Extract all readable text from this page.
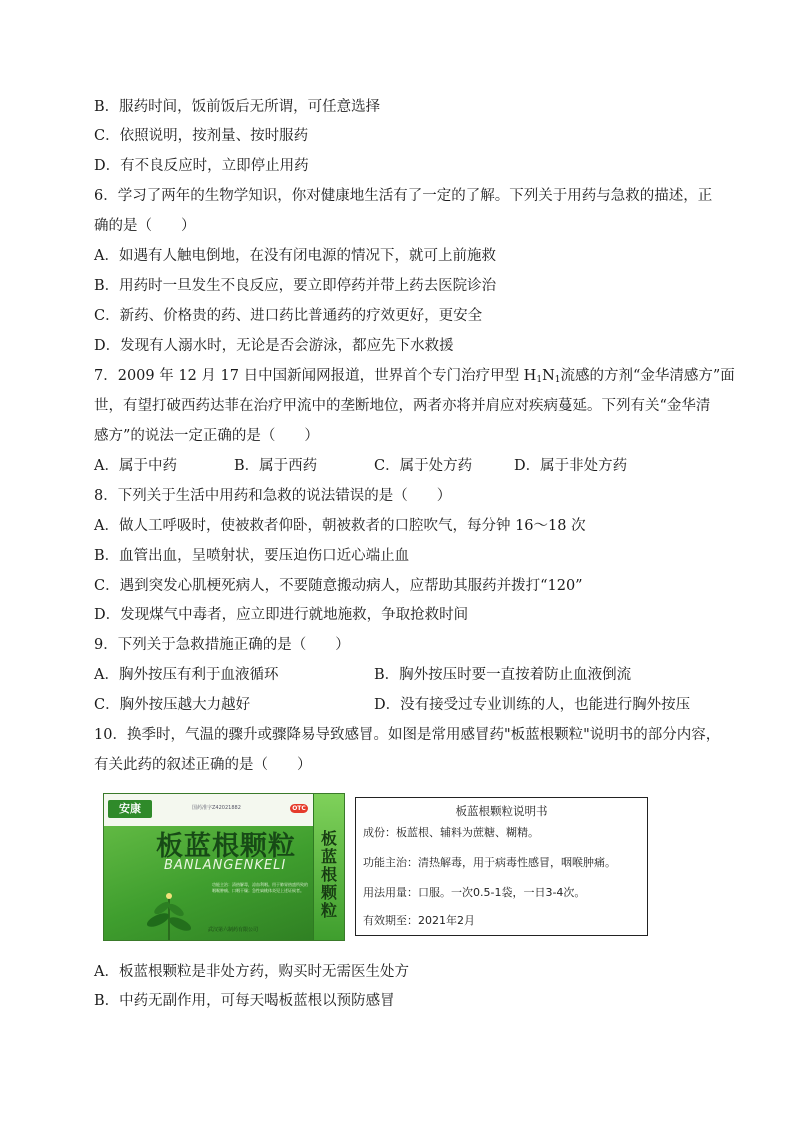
B．服药时间，饭前饭后无所谓，可任意选择
C．依照说明，按剂量、按时服药
D．有不良反应时，立即停止用药
6．学习了两年的生物学知识，你对健康地生活有了一定的了解。下列关于用药与急救的描述，正
确的是（　　）
A．如遇有人触电倒地，在没有闭电源的情况下，就可上前施救
B．用药时一旦发生不良反应，要立即停药并带上药去医院诊治
C．新药、价格贵的药、进口药比普通药的疗效更好，更安全
D．发现有人溺水时，无论是否会游泳，都应先下水救援
7．2009 年 12 月 17 日中国新闻网报道，世界首个专门治疗甲型 $H_1N_1$流感的方剂“金华清感方”面
世，有望打破西药达菲在治疗甲流中的垄断地位，两者亦将并肩应对疾病蔓延。下列有关“金华清
感方”的说法一定正确的是（　　）
A．属于中药	B．属于西药	C．属于处方药	D．属于非处方药
8．下列关于生活中用药和急救的说法错误的是（　　）
A．做人工呼吸时，使被救者仰卧，朝被救者的口腔吹气，每分钟 16～18 次
B．血管出血，呈喷射状，要压迫伤口近心端止血
C．遇到突发心肌梗死病人，不要随意搬动病人，应帮助其服药并拨打“120”
D．发现煤气中毒者，应立即进行就地施救，争取抢救时间
9．下列关于急救措施正确的是（　　）
A．胸外按压有利于血液循环	B．胸外按压时要一直按着防止血液倒流
C．胸外按压越大力越好	D．没有接受过专业训练的人，也能进行胸外按压
10．换季时，气温的骤升或骤降易导致感冒。如图是常用感冒药"板蓝根颗粒"说明书的部分内容，
有关此药的叙述正确的是（　　）
安康	国药准字Z42021882	OTC
板蓝根颗粒
BANLANGENKELI
功能主治：清热解毒，凉血利咽。用于肺胃热盛所致的咽喉肿痛、口咽干燥；急性扁桃体炎见上述证候者。
武汉第六制药有限公司
板蓝根颗粒
板蓝根颗粒说明书
成份：板蓝根、辅料为蔗糖、糊精。
功能主治：清热解毒，用于病毒性感冒，咽喉肿痛。
用法用量：口服。一次0.5-1袋，一日3-4次。
有效期至：2021年2月
A．板蓝根颗粒是非处方药，购买时无需医生处方
B．中药无副作用，可每天喝板蓝根以预防感冒
